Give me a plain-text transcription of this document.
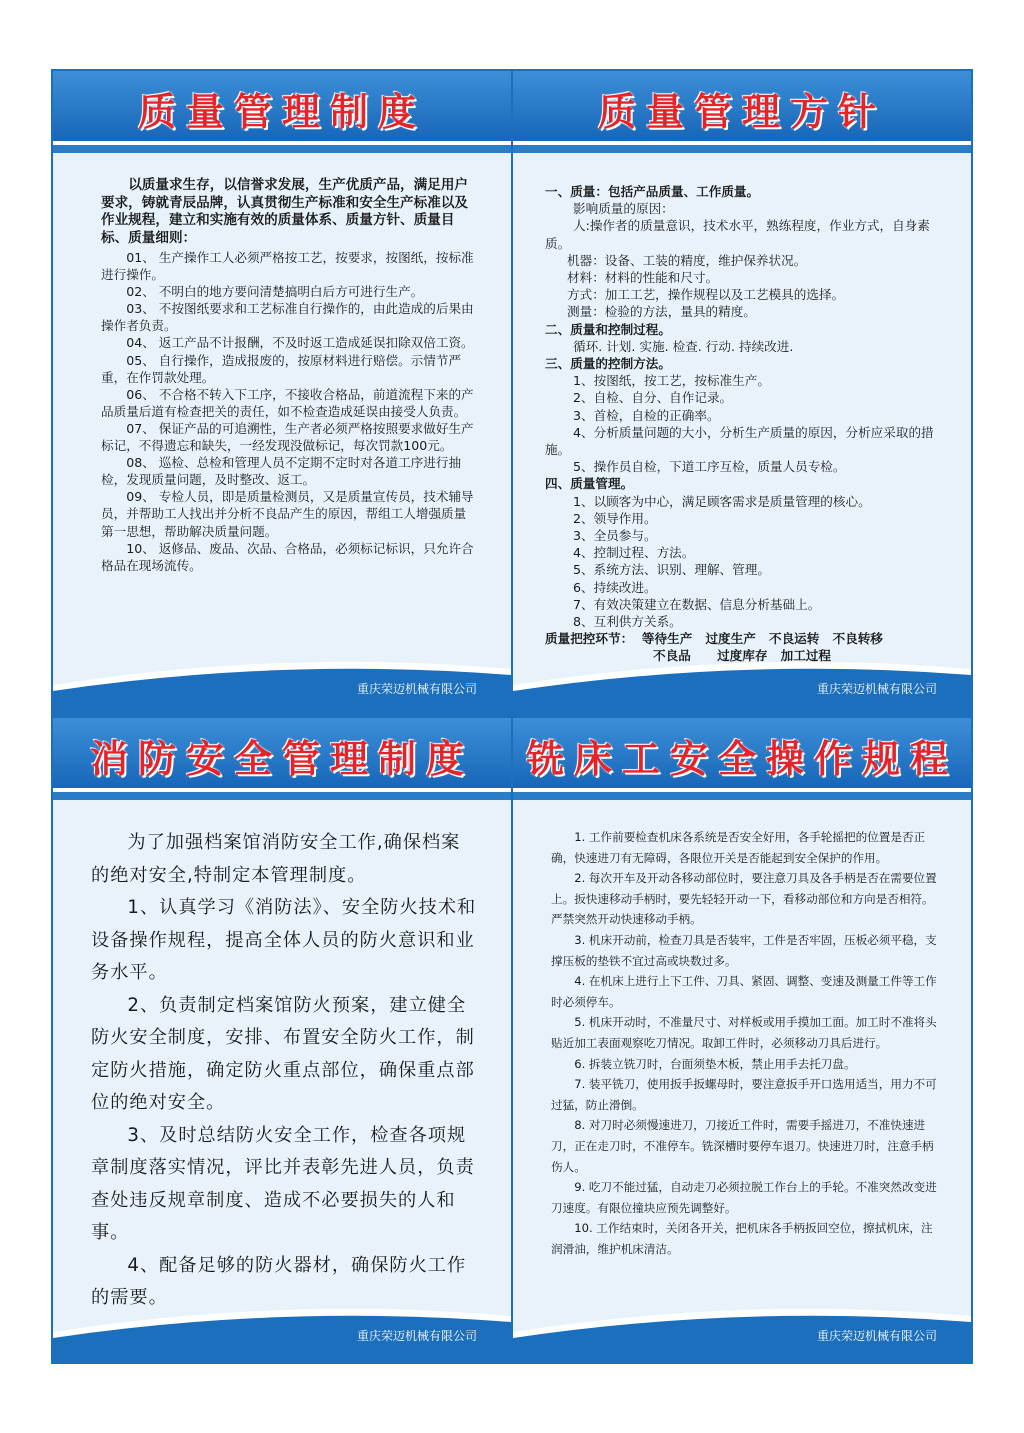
质量管理制度

以质量求生存，以信誉求发展，生产优质产品，满足用户要求，铸就青辰品牌，认真贯彻生产标准和安全生产标准以及作业规程，建立和实施有效的质量体系、质量方针、质量目标、质量细则：

01、 生产操作工人必须严格按工艺，按要求，按图纸，按标准进行操作。

02、 不明白的地方要问清楚搞明白后方可进行生产。

03、 不按图纸要求和工艺标准自行操作的，由此造成的后果由操作者负责。

04、 返工产品不计报酬，不及时返工造成延误扣除双倍工资。

05、 自行操作，造成报废的，按原材料进行赔偿。示情节严重，在作罚款处理。

06、 不合格不转入下工序，不接收合格品，前道流程下来的产品质量后道有检查把关的责任，如不检查造成延误由接受人负责。

07、 保证产品的可追溯性，生产者必须严格按照要求做好生产标记，不得遗忘和缺失，一经发现没做标记，每次罚款100元。

08、 巡检、总检和管理人员不定期不定时对各道工序进行抽检，发现质量问题，及时整改、返工。

09、 专检人员，即是质量检测员，又是质量宣传员，技术辅导员，并帮助工人找出并分析不良品产生的原因，帮组工人增强质量第一思想，帮助解决质量问题。

10、 返修品、废品、次品、合格品，必须标记标识，只允许合格品在现场流传。

重庆荣迈机械有限公司
质量管理方针

一、质量：包括产品质量、工作质量。

影响质量的原因：

人:操作者的质量意识，技术水平，熟练程度，作业方式，自身素质。

机器：设备、工装的精度，维护保养状况。

材料：材料的性能和尺寸。

方式：加工工艺，操作规程以及工艺模具的选择。

测量：检验的方法，量具的精度。

二、质量和控制过程。

循环. 计划. 实施. 检查. 行动. 持续改进.

三、质量的控制方法。

1、按图纸，按工艺，按标准生产。

2、自检、自分、自作记录。

3、首检，自检的正确率。

4、分析质量问题的大小，分析生产质量的原因，分析应采取的措施。

5、操作员自检，下道工序互检，质量人员专检。

四、质量管理。

1、以顾客为中心，满足顾客需求是质量管理的核心。

2、领导作用。

3、全员参与。

4、控制过程、方法。

5、系统方法、识别、理解、管理。

6、持续改进。

7、有效决策建立在数据、信息分析基础上。

8、互利供方关系。

质量把控环节：  等待生产   过度生产   不良运转   不良转移

不良品      过度库存   加工过程

重庆荣迈机械有限公司
消防安全管理制度

为了加强档案馆消防安全工作,确保档案的绝对安全,特制定本管理制度。

1、认真学习《消防法》、安全防火技术和设备操作规程，提高全体人员的防火意识和业务水平。

2、负责制定档案馆防火预案，建立健全防火安全制度，安排、布置安全防火工作，制定防火措施，确定防火重点部位，确保重点部位的绝对安全。

3、及时总结防火安全工作，检查各项规章制度落实情况，评比并表彰先进人员，负责查处违反规章制度、造成不必要损失的人和事。

4、配备足够的防火器材，确保防火工作的需要。

重庆荣迈机械有限公司
铣床工安全操作规程

1. 工作前要检查机床各系统是否安全好用，各手轮摇把的位置是否正确，快速进刀有无障碍，各限位开关是否能起到安全保护的作用。

2. 每次开车及开动各移动部位时，要注意刀具及各手柄是否在需要位置上。扳快速移动手柄时，要先轻轻开动一下，看移动部位和方向是否相符。严禁突然开动快速移动手柄。

3. 机床开动前，检查刀具是否装牢，工件是否牢固，压板必须平稳，支撑压板的垫铁不宜过高或块数过多。

4. 在机床上进行上下工件、刀具、紧固、调整、变速及测量工件等工作时必须停车。

5. 机床开动时，不准量尺寸、对样板或用手摸加工面。加工时不准将头贴近加工表面观察吃刀情况。取卸工件时，必须移动刀具后进行。

6. 拆装立铣刀时，台面须垫木板，禁止用手去托刀盘。

7. 装平铣刀，使用扳手扳螺母时，要注意扳手开口选用适当，用力不可过猛，防止滑倒。

8. 对刀时必须慢速进刀，刀接近工件时，需要手摇进刀，不准快速进刀，正在走刀时，不准停车。铣深槽时要停车退刀。快速进刀时，注意手柄伤人。

9. 吃刀不能过猛，自动走刀必须拉脱工作台上的手轮。不准突然改变进刀速度。有限位撞块应预先调整好。

10. 工作结束时，关闭各开关，把机床各手柄扳回空位，擦拭机床，注润滑油，维护机床清洁。

重庆荣迈机械有限公司
